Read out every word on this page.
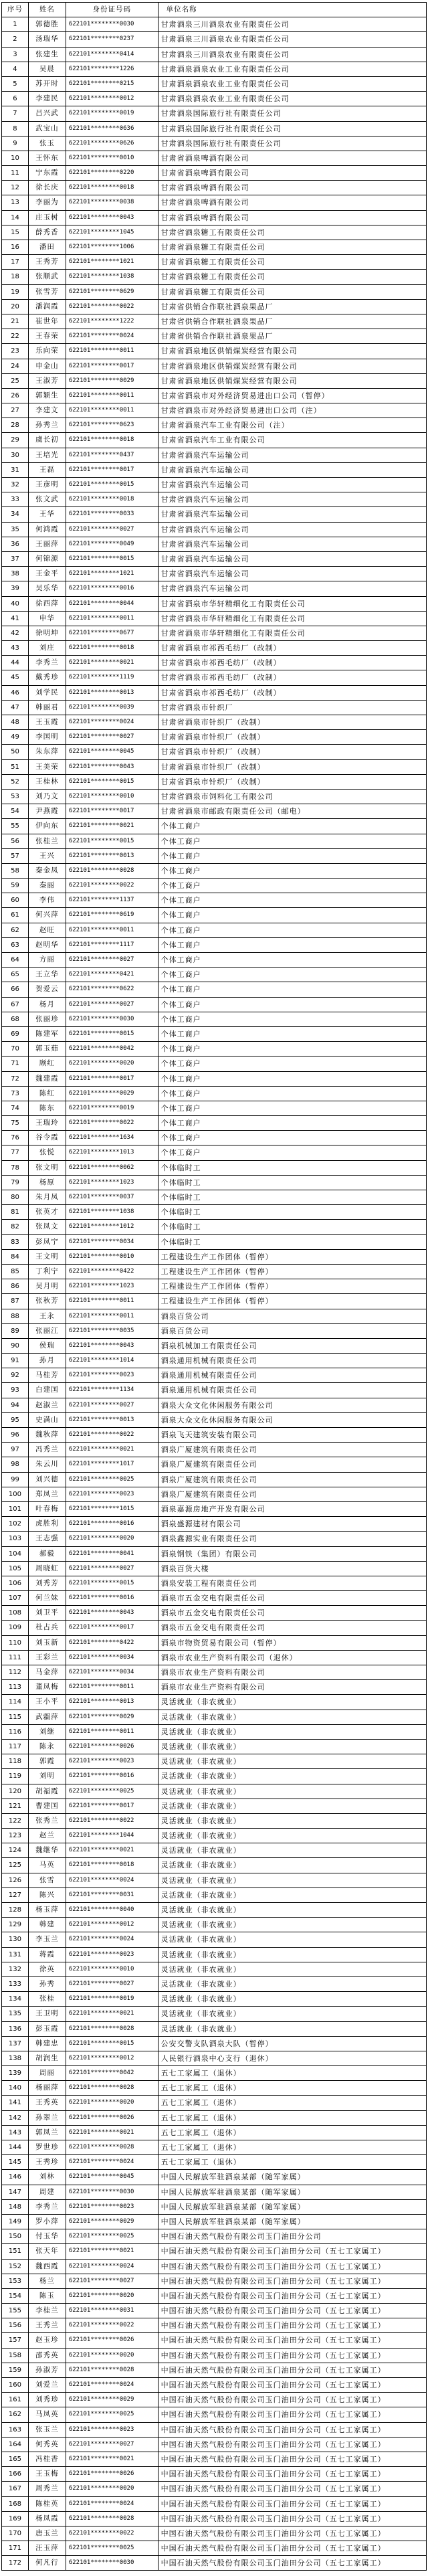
序号	姓名	身份证号码	单位名称
1	郭德胜	622101********0030	甘肃酒泉三川酒泉农业有限责任公司
2	汤瑞华	622101********0237	甘肃酒泉三川酒泉农业有限责任公司
3	张建生	622101********0414	甘肃酒泉三川酒泉农业有限责任公司
4	吴晨	622101********1226	甘肃酒泉酒泉农业工业有限责任公司
5	苏开时	622101********0215	甘肃酒泉酒泉农业工业有限责任公司
6	李建民	622101********0012	甘肃酒泉酒泉农业工业有限责任公司
7	吕兴武	622101********0019	甘肃酒泉国际旅行社有限责任公司
8	武宝山	622101********0636	甘肃酒泉国际旅行社有限责任公司
9	张玉	622101********0626	甘肃酒泉国际旅行社有限责任公司
10	王怀东	622101********0010	甘肃省酒泉啤酒有限公司
11	宁东霞	622101********0220	甘肃省酒泉啤酒有限公司
12	徐长庆	622101********0018	甘肃省酒泉啤酒有限公司
13	李丽为	622101********0038	甘肃省酒泉啤酒有限公司
14	庄玉树	622101********0043	甘肃省酒泉啤酒有限公司
15	薛秀香	622101********1045	甘肃省酒泉糖工有限责任公司
16	潘田	622101********1006	甘肃省酒泉糖工有限责任公司
17	王秀芳	622101********1021	甘肃省酒泉糖工有限责任公司
18	张顺武	622101********1038	甘肃省酒泉糖工有限责任公司
19	张雪芳	622101********0629	甘肃省酒泉糖工有限责任公司
20	潘润霞	622101********0022	甘肃省供销合作联社酒泉果品厂
21	崔世年	622101********1222	甘肃省供销合作联社酒泉果品厂
22	王春荣	622101********0024	甘肃省供销合作联社酒泉果品厂
23	乐向荣	622101********0011	甘肃省酒泉地区供销煤炭经营有限公司
24	申金山	622101********0017	甘肃省酒泉地区供销煤炭经营有限公司
25	王淑芳	622101********0029	甘肃省酒泉地区供销煤炭经营有限公司
26	郭颖生	622101********0011	甘肃省酒泉市对外经济贸易进出口公司（暂停）
27	李建文	622101********0011	甘肃省酒泉市对外经济贸易进出口公司（注）
28	孙秀兰	622101********0623	甘肃省酒泉汽车工业有限公司（注）
29	虞长初	622101********0018	甘肃省酒泉汽车工业有限公司
30	王培光	622101********0437	甘肃省酒泉汽车运输公司
31	王磊	622101********0017	甘肃省酒泉汽车运输公司
32	王彦明	622101********0015	甘肃省酒泉汽车运输公司
33	张文武	622101********0018	甘肃省酒泉汽车运输公司
34	王华	622101********0033	甘肃省酒泉汽车运输公司
35	何鸿霞	622101********0027	甘肃省酒泉汽车运输公司
36	王丽萍	622101********0049	甘肃省酒泉汽车运输公司
37	何锦源	622101********0015	甘肃省酒泉汽车运输公司
38	王金平	622101********1021	甘肃省酒泉汽车运输公司
39	吴乐华	622101********0016	甘肃省酒泉汽车运输公司
40	徐西萍	622101********0044	甘肃省酒泉市华轩精细化工有限责任公司
41	申华	622101********0011	甘肃省酒泉市华轩精细化工有限责任公司
42	徐明坤	622101********0677	甘肃省酒泉市华轩精细化工有限责任公司
43	刘庄	622101********0018	甘肃省酒泉市祁西毛纺厂（改制）
44	李秀兰	622101********0021	甘肃省酒泉市祁西毛纺厂（改制）
45	戴秀珍	622101********1119	甘肃省酒泉市祁西毛纺厂（改制）
46	刘学民	622101********0013	甘肃省酒泉市祁西毛纺厂（改制）
47	韩丽君	622101********0039	甘肃省酒泉市针织厂
48	王玉霞	622101********0024	甘肃省酒泉市针织厂（改制）
49	李国明	622101********0027	甘肃省酒泉市针织厂（改制）
50	朱东萍	622101********0045	甘肃省酒泉市针织厂（改制）
51	王美荣	622101********0043	甘肃省酒泉市针织厂（改制）
52	王桂林	622101********0015	甘肃省酒泉市针织厂（改制）
53	刘乃文	622101********0010	甘肃省酒泉市饲料化工有限公司
54	尹燕霞	622101********0017	甘肃省酒泉市邮政有限责任公司（邮电）
55	伊向东	622101********0021	个体工商户
56	张桂兰	622101********0015	个体工商户
57	王兴	622101********0013	个体工商户
58	秦金凤	622101********0028	个体工商户
59	秦丽	622101********0022	个体工商户
60	李伟	622101********1137	个体工商户
61	何兴萍	622101********0619	个体工商户
62	赵旺	622101********0011	个体工商户
63	赵明华	622101********1117	个体工商户
64	方丽	622101********0027	个体工商户
65	王立华	622101********0421	个体工商户
66	贺爱云	622101********0622	个体工商户
67	杨月	622101********0027	个体工商户
68	张丽珍	622101********0030	个体工商户
69	陈建军	622101********0015	个体工商户
70	郭玉茹	622101********0042	个体工商户
71	顾红	622101********0020	个体工商户
72	魏建霞	622101********0017	个体工商户
73	陈红	622101********0029	个体工商户
74	陈东	622101********0019	个体工商户
75	王瑞玲	622101********0022	个体工商户
76	谷令霞	622101********1634	个体工商户
77	张悦	622101********1013	个体工商户
78	张文明	622101********0062	个体临时工
79	杨原	622101********1023	个体临时工
80	朱月凤	622101********0037	个体临时工
81	张英才	622101********1038	个体临时工
82	张凤文	622101********1012	个体临时工
83	彭凤宁	622101********0034	个体临时工
84	王文明	622101********0010	工程建设生产工作团体（暂停）
85	丁利宁	622101********0422	工程建设生产工作团体（暂停）
86	吴月明	622101********1023	工程建设生产工作团体（暂停）
87	张秋芳	622101********0011	工程建设生产工作团体（暂停）
88	王永	622101********0011	酒泉百货公司
89	张丽江	622101********0035	酒泉百货公司
90	侯瑞	622101********0043	酒泉机械加工有限责任公司
91	孙月	622101********1014	酒泉通用机械有限责任公司
92	马桂芳	622101********0023	酒泉通用机械有限责任公司
93	白建国	622101********1134	酒泉通用机械有限责任公司
94	赵淑兰	622101********0027	酒泉大众文化休闲服务有限公司
95	史满山	622101********0013	酒泉大众文化休闲服务有限公司
96	魏秋萍	622101********0022	酒泉飞天建筑安装有限公司
97	冯秀兰	622101********0021	酒泉广厦建筑有限责任公司
98	朱云川	622101********1017	酒泉广厦建筑有限责任公司
99	刘兴德	622101********0025	酒泉广厦建筑有限责任公司
100	郑凤兰	622101********0023	酒泉广厦建筑有限责任公司
101	叶春梅	622101********1015	酒泉嘉源房地产开发有限公司
102	虎胜利	622101********0016	酒泉盛源建材有限公司
103	王志强	622101********0020	酒泉鑫源实业有限责任公司
104	郝毅	622101********0041	酒泉钢铁（集团）有限公司
105	周晓虹	622101********0027	酒泉百货大楼
106	刘秀芳	622101********0015	酒泉安装工程有限责任公司
107	何兰妹	622101********0016	酒泉市五金交电有限责任公司
108	刘卫平	622101********0043	酒泉市五金交电有限责任公司
109	杜占兵	622101********0017	酒泉市五金交电有限责任公司
110	刘玉新	622101********0422	酒泉市物资贸易有限公司（暂停）
111	王彩兰	622101********0034	酒泉市农业生产资料有限公司（退休）
112	马金萍	622101********0034	酒泉市农业生产资料有限公司
113	董凤梅	622101********0011	酒泉市农业生产资料有限公司
114	王小平	622101********0013	灵活就业（非农就业）
115	武疆萍	622101********0029	灵活就业（非农就业）
116	刘继	622101********0011	灵活就业（非农就业）
117	陈永	622101********0026	灵活就业（非农就业）
118	郭霞	622101********0023	灵活就业（非农就业）
119	刘明	622101********0016	灵活就业（非农就业）
120	胡福霞	622101********0025	灵活就业（非农就业）
121	曹建国	622101********0017	灵活就业（非农就业）
122	张秀兰	622101********0022	灵活就业（非农就业）
123	赵兰	622101********1044	灵活就业（非农就业）
124	魏继华	622101********0021	灵活就业（非农就业）
125	马英	622101********0018	灵活就业（非农就业）
126	张雪	622101********0024	灵活就业（非农就业）
127	陈兴	622101********0031	灵活就业（非农就业）
128	杨玉萍	622101********0040	灵活就业（非农就业）
129	韩建	622101********0012	灵活就业（非农就业）
130	李玉兰	622101********0024	灵活就业（非农就业）
131	蒋霞	622101********0023	灵活就业（非农就业）
132	徐英	622101********0010	灵活就业（非农就业）
133	孙秀	622101********0027	灵活就业（非农就业）
134	张桂	622101********0019	灵活就业（非农就业）
135	王卫明	622101********0021	灵活就业（非农就业）
136	彭玉霞	622101********0028	灵活就业（非农就业）
137	韩建忠	622101********0015	公安交警支队酒泉大队（暂停）
138	胡润生	622101********0012	人民银行酒泉中心支行（退休）
139	周丽	622101********0042	五七工家属工（退休）
140	杨丽萍	622101********0028	五七工家属工（退休）
141	王秀英	622101********0020	五七工家属工（退休）
142	孙翠兰	622101********0026	五七工家属工（退休）
143	郭凤兰	622101********0021	五七工家属工（退休）
144	罗世珍	622101********0028	五七工家属工（退休）
145	王秀珍	622101********0024	五七工家属工（退休）
146	刘林	622101********0045	中国人民解放军驻酒泉某部（随军家属）
147	周建	622101********0030	中国人民解放军驻酒泉某部（随军家属）
148	李秀兰	622101********0023	中国人民解放军驻酒泉某部（随军家属）
149	罗小萍	622101********0029	中国人民解放军驻酒泉某部（随军家属）
150	付玉华	622101********0025	中国石油天然气股份有限公司玉门油田分公司
151	张天年	622101********0021	中国石油天然气股份有限公司玉门油田分公司（五七工家属工）
152	魏西霞	622101********0024	中国石油天然气股份有限公司玉门油田分公司（五七工家属工）
153	杨兰	622101********0027	中国石油天然气股份有限公司玉门油田分公司（五七工家属工）
154	陈玉	622101********0020	中国石油天然气股份有限公司玉门油田分公司（五七工家属工）
155	李桂兰	622101********0031	中国石油天然气股份有限公司玉门油田分公司（五七工家属工）
156	王秀兰	622101********0022	中国石油天然气股份有限公司玉门油田分公司（五七工家属工）
157	赵玉珍	622101********0026	中国石油天然气股份有限公司玉门油田分公司（五七工家属工）
158	邵秀英	622101********0020	中国石油天然气股份有限公司玉门油田分公司（五七工家属工）
159	孙淑芳	622101********0028	中国石油天然气股份有限公司玉门油田分公司（五七工家属工）
160	刘爱兰	622101********0024	中国石油天然气股份有限公司玉门油田分公司（五七工家属工）
161	刘秀珍	622101********0029	中国石油天然气股份有限公司玉门油田分公司（五七工家属工）
162	马凤英	622101********0025	中国石油天然气股份有限公司玉门油田分公司（五七工家属工）
163	张玉兰	622101********0023	中国石油天然气股份有限公司玉门油田分公司（五七工家属工）
164	何秀英	622101********0027	中国石油天然气股份有限公司玉门油田分公司（五七工家属工）
165	冯桂香	622101********0021	中国石油天然气股份有限公司玉门油田分公司（五七工家属工）
166	王玉梅	622101********0026	中国石油天然气股份有限公司玉门油田分公司（五七工家属工）
167	周秀兰	622101********0020	中国石油天然气股份有限公司玉门油田分公司（五七工家属工）
168	陈桂英	622101********0024	中国石油天然气股份有限公司玉门油田分公司（五七工家属工）
169	杨凤霞	622101********0028	中国石油天然气股份有限公司玉门油田分公司（五七工家属工）
170	唐玉兰	622101********0022	中国石油天然气股份有限公司玉门油田分公司（五七工家属工）
171	汪玉萍	622101********0025	中国石油天然气股份有限公司玉门油田分公司（五七工家属工）
172	何凡行	622101********0030	中国石油天然气股份有限公司玉门油田分公司（五七工家属工）
